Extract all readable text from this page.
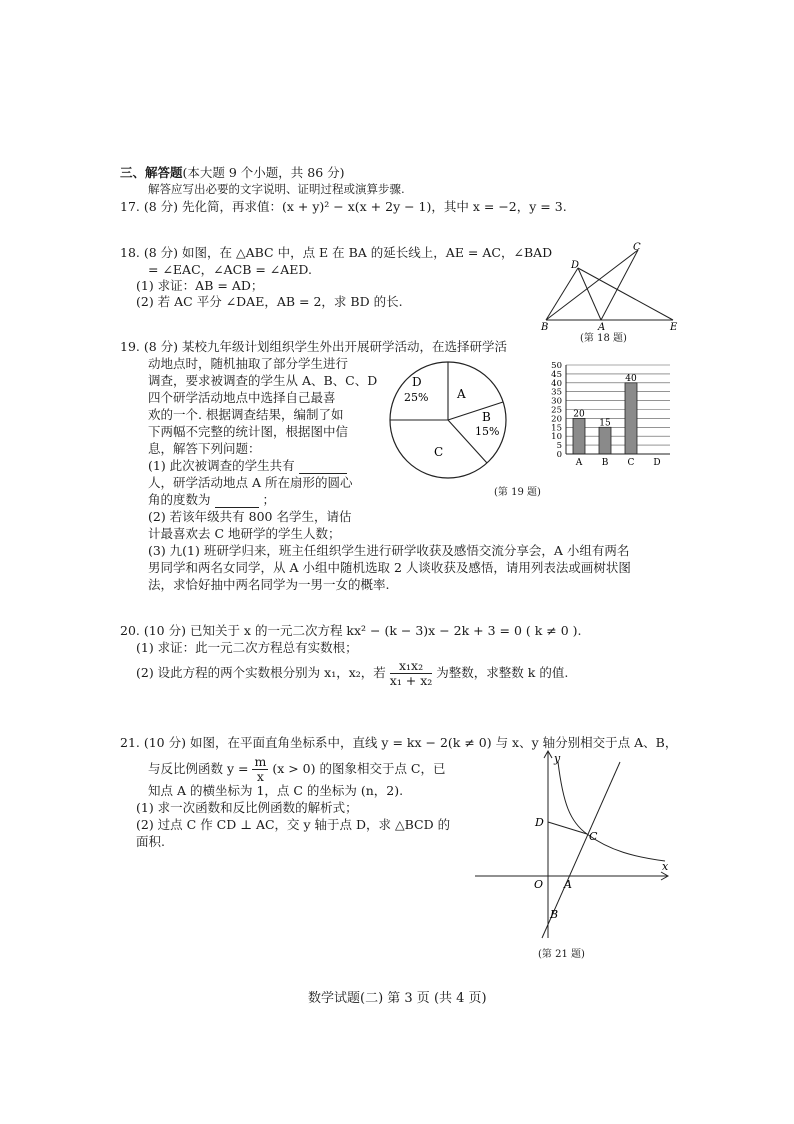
三、解答题(本大题 9 个小题，共 86 分)
解答应写出必要的文字说明、证明过程或演算步骤.
17. (8 分) 先化简，再求值：(x + y)² − x(x + 2y − 1)，其中 x = −2，y = 3.
18. (8 分) 如图，在 △ABC 中，点 E 在 BA 的延长线上，AE = AC，∠BAD
= ∠EAC，∠ACB = ∠AED.
(1) 求证：AB = AD；
(2) 若 AC 平分 ∠DAE，AB = 2，求 BD 的长.
C
D
B	A	E
(第 18 题)
19. (8 分) 某校九年级计划组织学生外出开展研学活动，在选择研学活
动地点时，随机抽取了部分学生进行
调查，要求被调查的学生从 A、B、C、D
四个研学活动地点中选择自己最喜
欢的一个. 根据调查结果，编制了如
下两幅不完整的统计图，根据图中信
息，解答下列问题：
(1) 此次被调查的学生共有
人，研学活动地点 A 所在扇形的圆心
角的度数为	；
(2) 若该年级共有 800 名学生，请估
计最喜欢去 C 地研学的学生人数；
(3) 九(1) 班研学归来，班主任组织学生进行研学收获及感悟交流分享会，A 小组有两名
男同学和两名女同学，从 A 小组中随机选取 2 人谈收获及感悟，请用列表法或画树状图
法，求恰好抽中两名同学为一男一女的概率.
D
25% A
B
15%
C
20
15
40
0
5
10
15
20
25
30
35
40
45
50
A B C D
(第 19 题)
20. (10 分) 已知关于 x 的一元二次方程 kx² − (k − 3)x − 2k + 3 = 0 ( k ≠ 0 ).
(1) 求证：此一元二次方程总有实数根；
(2) 设此方程的两个实数根分别为 x₁，x₂，若 $\frac{\text{x₁x₂}}{\text{x₁ + x₂}}$ 为整数，求整数 k 的值.
21. (10 分) 如图，在平面直角坐标系中，直线 y = kx − 2(k ≠ 0) 与 x、y 轴分别相交于点 A、B，
与反比例函数 $y = \frac{m}{x} (x > 0)$ 的图象相交于点 C，已
知点 A 的横坐标为 1，点 C 的坐标为 (n，2).
(1) 求一次函数和反比例函数的解析式；
(2) 过点 C 作 CD ⊥ AC，交 y 轴于点 D，求 △BCD 的
面积.
y
x
D
C
O A
B
(第 21 题)
数学试题(二) 第 3 页 (共 4 页)
